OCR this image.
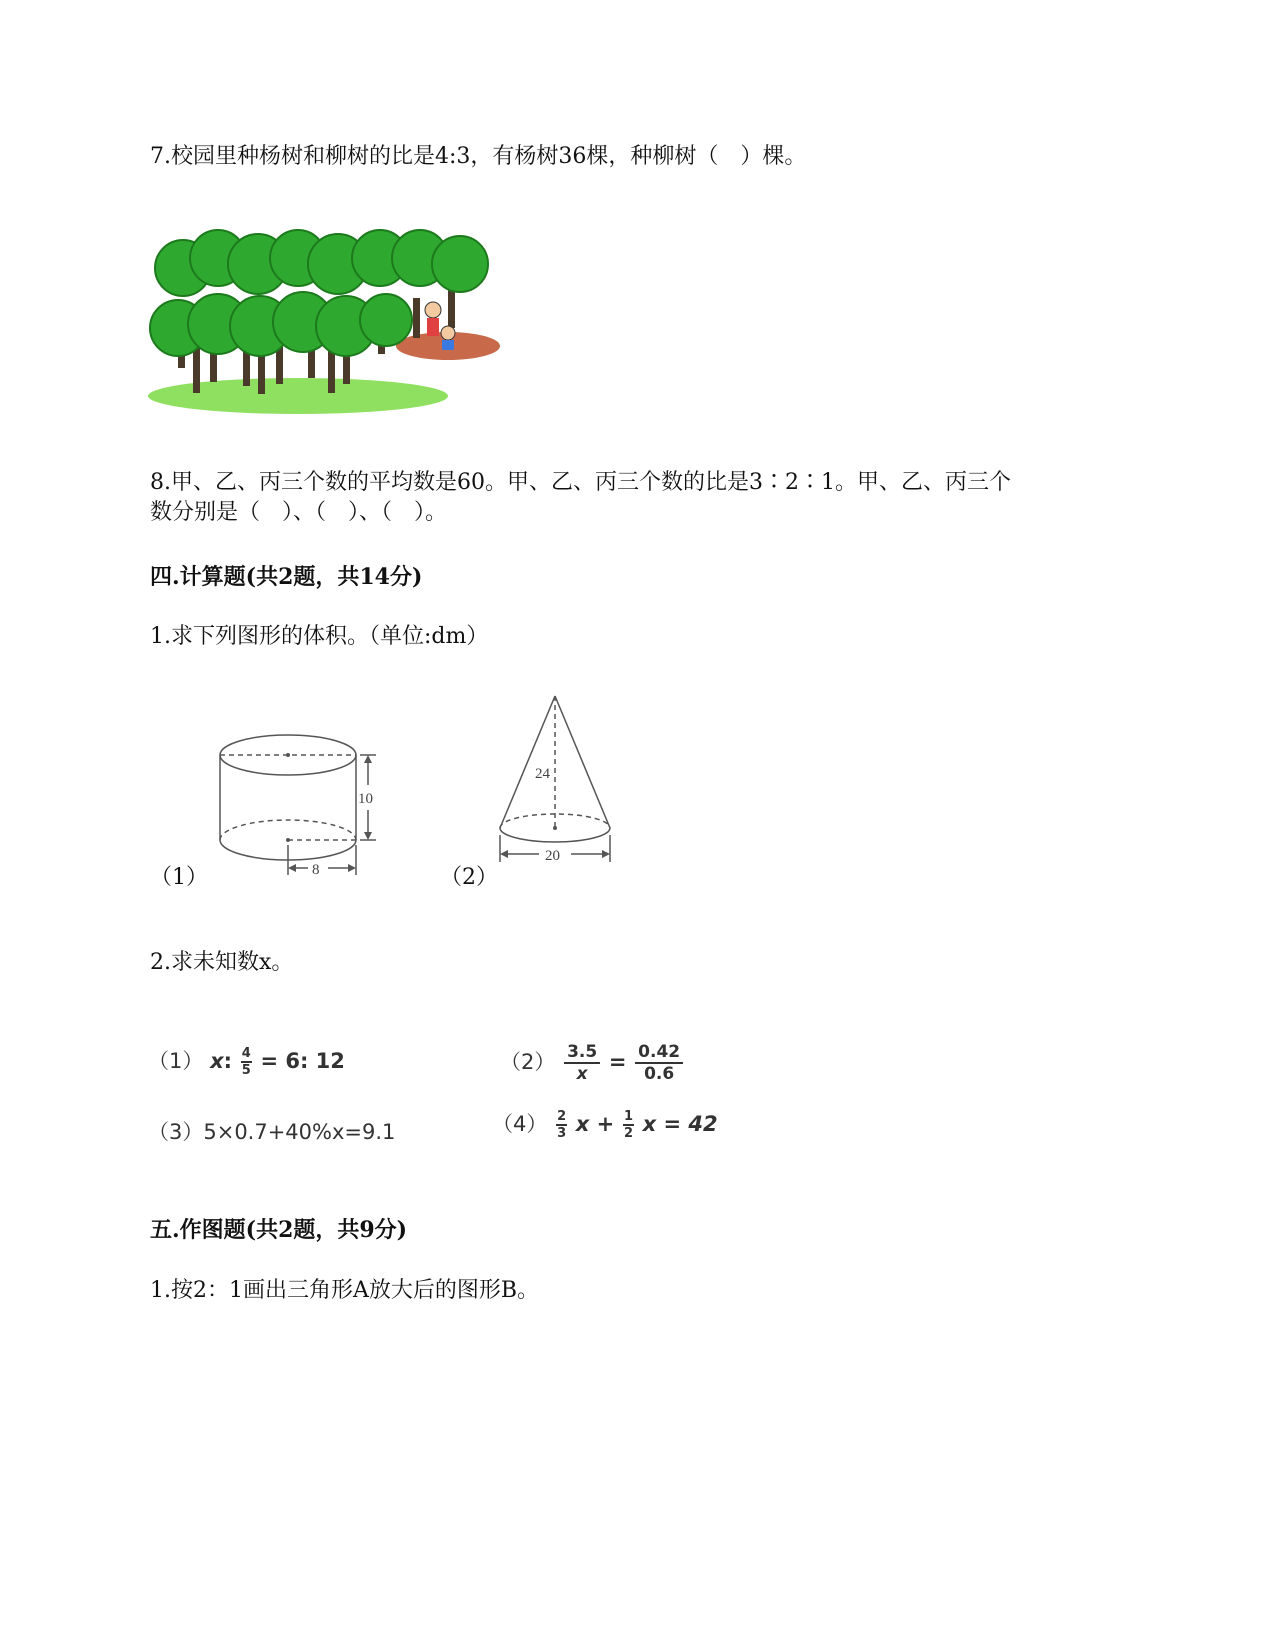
7.校园里种杨树和柳树的比是4:3，有杨树36棵，种柳树（　）棵。
8.甲、乙、丙三个数的平均数是60。甲、乙、丙三个数的比是3∶2∶1。甲、乙、丙三个
数分别是（　）、（　）、（　）。
四.计算题(共2题，共14分)
1.求下列图形的体积。（单位:dm）
10
8
（1）
24
20
（2）
2.求未知数x。
（1） x: $\frac{4}{5} = 6$: 12	$(2) \frac{3.5}{x} = \frac{0.42}{0.6}$
（3）5×0.7+40%x=9.1	$(4) \frac{2}{3}$ $x + \frac{1}{2}$ x = 42
五.作图题(共2题，共9分)
1.按2：1画出三角形A放大后的图形B。
